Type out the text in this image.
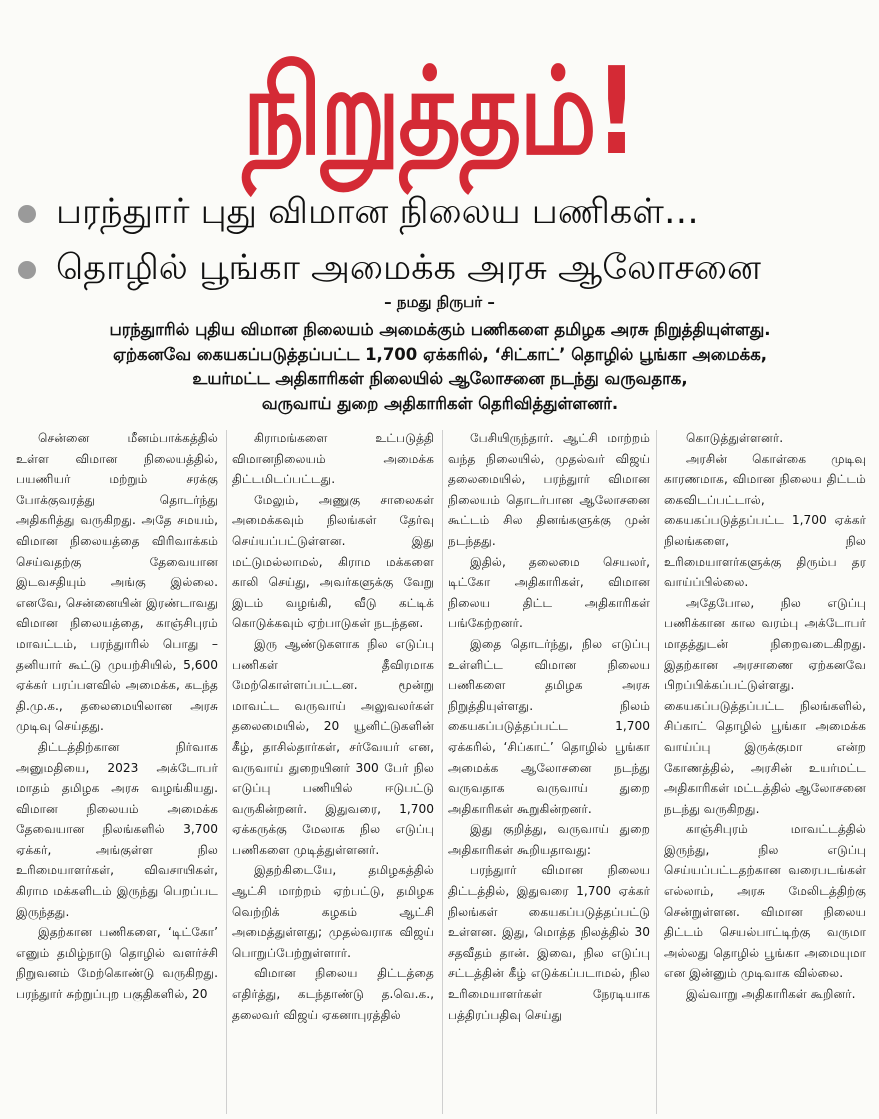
நிறுத்தம்!
பரந்துார் புது விமான நிலைய பணிகள்…
தொழில் பூங்கா அமைக்க அரசு ஆலோசனை
– நமது நிருபர் –
பரந்துாரில் புதிய விமான நிலையம் அமைக்கும் பணிகளை தமிழக அரசு நிறுத்தியுள்ளது.
ஏற்கனவே கையகப்படுத்தப்பட்ட 1,700 ஏக்கரில், ‘சிட்காட்’ தொழில் பூங்கா அமைக்க,
உயர்மட்ட அதிகாரிகள் நிலையில் ஆலோசனை நடந்து வருவதாக,
வருவாய் துறை அதிகாரிகள் தெரிவித்துள்ளனர்.

சென்னை மீனம்பாக்கத்தில் உள்ள விமான நிலையத்தில், பயணியர் மற்றும் சரக்கு போக்குவரத்து தொடர்ந்து அதிகரித்து வருகிறது. அதே சமயம், விமான நிலையத்தை விரிவாக்கம் செய்வதற்கு தேவையான இடவசதியும் அங்கு இல்லை. எனவே, சென்னையின் இரண்டாவது விமான நிலையத்தை, காஞ்சிபுரம் மாவட்டம், பரந்துாரில் பொது – தனியார் கூட்டு முயற்சியில், 5,600 ஏக்கர் பரப்பளவில் அமைக்க, கடந்த தி.மு.க., தலைமையிலான அரசு முடிவு செய்தது.

திட்டத்திற்கான நிர்வாக அனுமதியை, 2023 அக்டோபர் மாதம் தமிழக அரசு வழங்கியது. விமான நிலையம் அமைக்க தேவையான நிலங்களில் 3,700 ஏக்கர், அங்குள்ள நில உரிமையாளர்கள், விவசாயிகள், கிராம மக்களிடம் இருந்து பெறப்பட இருந்தது.

இதற்கான பணிகளை, ‘டிட்கோ’ எனும் தமிழ்நாடு தொழில் வளர்ச்சி நிறுவனம் மேற்கொண்டு வருகிறது. பரந்துார் சுற்றுப்புற பகுதிகளில், 20

கிராமங்களை உட்படுத்தி விமானநிலையம் அமைக்க திட்டமிடப்பட்டது.

மேலும், அணுகு சாலைகள் அமைக்கவும் நிலங்கள் தேர்வு செய்யப்பட்டுள்ளன. இது மட்டுமல்லாமல், கிராம மக்களை காலி செய்து, அவர்களுக்கு வேறு இடம் வழங்கி, வீடு கட்டிக் கொடுக்கவும் ஏற்பாடுகள் நடந்தன.

இரு ஆண்டுகளாக நில எடுப்பு பணிகள் தீவிரமாக மேற்கொள்ளப்பட்டன. மூன்று மாவட்ட வருவாய் அலுவலர்கள் தலைமையில், 20 யூனிட்டுகளின் கீழ், தாசில்தார்கள், சர்வேயர் என, வருவாய் துறையினர் 300 பேர் நில எடுப்பு பணியில் ஈடுபட்டு வருகின்றனர். இதுவரை, 1,700 ஏக்கருக்கு மேலாக நில எடுப்பு பணிகளை முடித்துள்ளனர்.

இதற்கிடையே, தமிழகத்தில் ஆட்சி மாற்றம் ஏற்பட்டு, தமிழக வெற்றிக் கழகம் ஆட்சி அமைத்துள்ளது; முதல்வராக விஜய் பொறுப்பேற்றுள்ளார்.

விமான நிலைய திட்டத்தை எதிர்த்து, கடந்தாண்டு த.வெ.க., தலைவர் விஜய் ஏகனாபுரத்தில்

பேசியிருந்தார். ஆட்சி மாற்றம் வந்த நிலையில், முதல்வர் விஜய் தலைமையில், பரந்துார் விமான நிலையம் தொடர்பான ஆலோசனை கூட்டம் சில தினங்களுக்கு முன் நடந்தது.

இதில், தலைமை செயலர், டிட்கோ அதிகாரிகள், விமான நிலைய திட்ட அதிகாரிகள் பங்கேற்றனர்.

இதை தொடர்ந்து, நில எடுப்பு உள்ளிட்ட விமான நிலைய பணிகளை தமிழக அரசு நிறுத்தியுள்ளது. நிலம் கையகப்படுத்தப்பட்ட 1,700 ஏக்கரில், ‘சிப்காட்’ தொழில் பூங்கா அமைக்க ஆலோசனை நடந்து வருவதாக வருவாய் துறை அதிகாரிகள் கூறுகின்றனர்.

இது குறித்து, வருவாய் துறை அதிகாரிகள் கூறியதாவது:

பரந்துார் விமான நிலைய திட்டத்தில், இதுவரை 1,700 ஏக்கர் நிலங்கள் கையகப்படுத்தப்பட்டு உள்ளன. இது, மொத்த நிலத்தில் 30 சதவீதம் தான். இவை, நில எடுப்பு சட்டத்தின் கீழ் எடுக்கப்படாமல், நில உரிமையாளர்கள் நேரடியாக பத்திரப்பதிவு செய்து

கொடுத்துள்ளனர்.

அரசின் கொள்கை முடிவு காரணமாக, விமான நிலைய திட்டம் கைவிடப்பட்டால், கையகப்படுத்தப்பட்ட 1,700 ஏக்கர் நிலங்களை, நில உரிமையாளர்களுக்கு திரும்ப தர வாய்ப்பில்லை.

அதேபோல, நில எடுப்பு பணிக்கான கால வரம்பு அக்டோபர் மாதத்துடன் நிறைவடைகிறது. இதற்கான அரசாணை ஏற்கனவே பிறப்பிக்கப்பட்டுள்ளது. கையகப்படுத்தப்பட்ட நிலங்களில், சிப்காட் தொழில் பூங்கா அமைக்க வாய்ப்பு இருக்குமா என்ற கோணத்தில், அரசின் உயர்மட்ட அதிகாரிகள் மட்டத்தில் ஆலோசனை நடந்து வருகிறது.

காஞ்சிபுரம் மாவட்டத்தில் இருந்து, நில எடுப்பு செய்யப்பட்டதற்கான வரைபடங்கள் எல்லாம், அரசு மேலிடத்திற்கு சென்றுள்ளன. விமான நிலைய திட்டம் செயல்பாட்டிற்கு வருமா அல்லது தொழில் பூங்கா அமையுமா என இன்னும் முடிவாக வில்லை.

இவ்வாறு அதிகாரிகள் கூறினர்.
